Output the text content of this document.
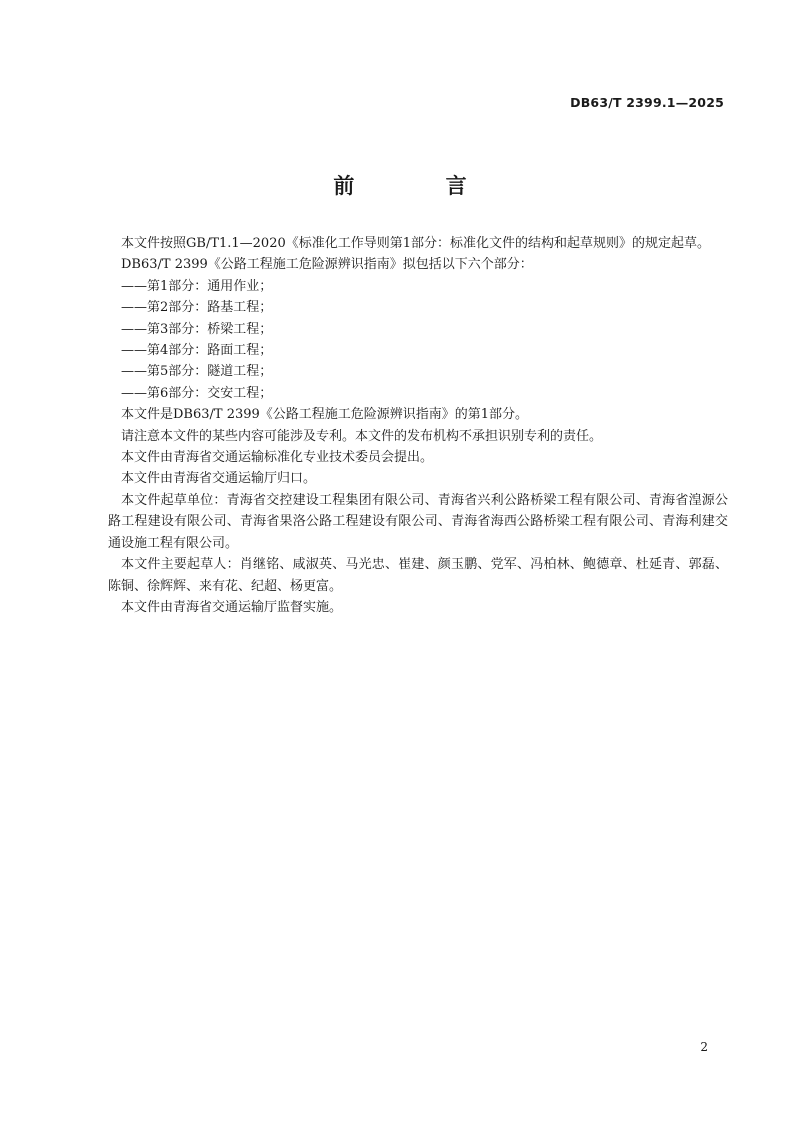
DB63/T 2399.1—2025
前 言

本文件按照GB/T1.1—2020《标准化工作导则第1部分：标准化文件的结构和起草规则》的规定起草。

DB63/T 2399《公路工程施工危险源辨识指南》拟包括以下六个部分：

——第1部分：通用作业；

——第2部分：路基工程；

——第3部分：桥梁工程；

——第4部分：路面工程；

——第5部分：隧道工程；

——第6部分：交安工程；

本文件是DB63/T 2399《公路工程施工危险源辨识指南》的第1部分。

请注意本文件的某些内容可能涉及专利。本文件的发布机构不承担识别专利的责任。

本文件由青海省交通运输标准化专业技术委员会提出。

本文件由青海省交通运输厅归口。

本文件起草单位：青海省交控建设工程集团有限公司、青海省兴利公路桥梁工程有限公司、青海省湟源公路工程建设有限公司、青海省果洛公路工程建设有限公司、青海省海西公路桥梁工程有限公司、青海利建交通设施工程有限公司。

本文件主要起草人：肖继铭、咸淑英、马光忠、崔建、颜玉鹏、党军、冯柏林、鲍德章、杜延青、郭磊、陈铜、徐辉辉、来有花、纪超、杨更富。

本文件由青海省交通运输厅监督实施。

2
